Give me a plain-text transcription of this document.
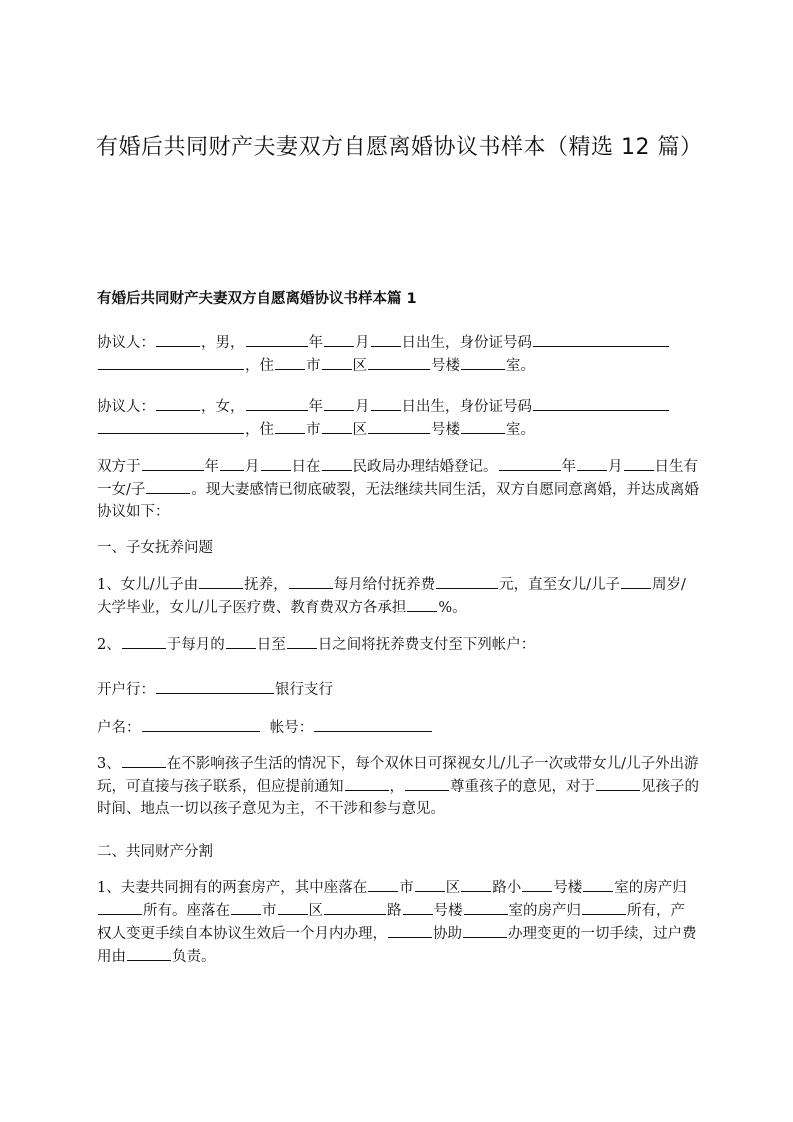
有婚后共同财产夫妻双方自愿离婚协议书样本（精选 12 篇）
有婚后共同财产夫妻双方自愿离婚协议书样本篇 1
协议人：	，男，	年 月 日出生，身份证号码
，住 市 区	号楼	室。
协议人：	，女，	年 月 日出生，身份证号码
，住 市 区	号楼	室。
双方于	年 月 日在 民政局办理结婚登记。	年 月 日生有一女/子	。现大妻感情已彻底破裂，无法继续共同生活，双方自愿同意离婚，并达成离婚协议如下：
一、子女抚养问题
1、女儿/儿子由	抚养，	每月给付抚养费	元，直至女儿/儿子 周岁/大学毕业，女儿/儿子医疗费、教育费双方各承担 %。
2、	于每月的 日至 日之间将抚养费支付至下列帐户：
开户行：	银行支行
户名：	帐号：
3、	在不影响孩子生活的情况下，每个双休日可探视女儿/儿子一次或带女儿/儿子外出游玩，可直接与孩子联系，但应提前通知	，	尊重孩子的意见，对于	见孩子的时间、地点一切以孩子意见为主，不干涉和参与意见。
二、共同财产分割
1、夫妻共同拥有的两套房产，其中座落在 市 区 路小 号楼 室的房产归所有。座落在 市 区	路 号楼	室的房产归	所有，产权人变更手续自本协议生效后一个月内办理，	协助	办理变更的一切手续，过户费用由	负责。
